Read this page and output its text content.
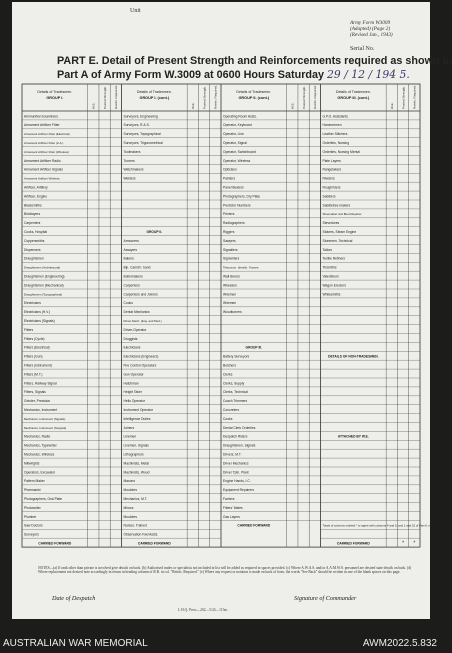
Unit
Army Form W3009
(Adapted) (Page 2)
(Revised Jan., 1943)
Serial No.
PART E. Detail of Present Strength and Reinforcements required as shown in
Part A of Army Form W.3009 at 0600 Hours Saturday 29 / 12 / 194 5.
W.E. Posted Strength. Reinfs. Required.
Details of Tradesmen.
GROUP I.
Ammunition Examiners
Armament Artificer Fitter
Armament Artificer Fitter (Electrical)
Armament Artificer Fitter (A.A.)
Armament Artificer Fitter (Wireless)
Armament Artificer Radio
Armament Artificer Signals
Armament Artificer Wireless
Artificer, Artillery
Artificer, Engine
Blacksmiths
Bricklayers
Carpenters
Cooks, Hospital
Coppersmiths
Dispensers
Draughtsmen
Draughtsmen (Architectural)
Draughtsmen (Engineering)
Draughtsmen (Mechanical)
Draughtsmen (Topographical)
Electricians
Electricians (H.V.)
Electricians (Signals)
Fitters
Fitters (Cycle)
Fitters (Electrical)
Fitters (Gun)
Fitters (Instrument)
Fitters (M.T.)
Fitters, Railway Signal
Fitters, Signals
Grinder, Precision
Mechanics, Instrument
Mechanics, Instrument (Signals)
Mechanics, Instrument (Surgical)
Mechanics, Radio
Mechanics, Typewriter
Mechanics, Wireless
Millwrights
Operators, Excavator
Pattern Maker
Pharmacist
Photographers, Oral Plate
Photowriter
Plumber
Saw Doctors
Surveyors
CARRIED FORWARD
W.E. Posted Strength. Reinfs. Required.
Details of Tradesmen.
GROUP I. (cont.)
Surveyors, Engineering
Surveyors, R.A.S.
Surveyors, Topographical
Surveyors, Trigonometrical
Toolmakers
Turners
Watchmakers
Welders
GROUP II.
Armourers
Assayers
Bakers
Blp. Camd'n. hand
Boilermakers
Carpenters
Carpenters and Joiners
Cooks
Dental Mechanics
Driver-Mech. (Eng. and Mod.)
Driver-Operator
Druggists
Electricians
Electricians (Engineers)
Fire Control Operators
Gun Operator
Hatchman
Height Taker
Hello Operator
Instrument Operator
Intelligence Duties
Joiners
Linemen
Linemen, Signals
Lithographers
Machinists, Metal
Machinists, Wood
Masons
Moulders
Mechanics, M.T.
Minors
Moulders
Nurses, Trained
Observation Fwd Assts.
CARRIED FORWARD
W.E. Posted Strength. Reinfs. Required.
Details of Tradesmen.
GROUP II. (cont.)
Operating Room Assts.
Operator, Keyboard
Operator, Line
Operator, Signal
Operator, Switchboard
Operator, Wireless
Opticians
Painters
Panel Beaters
Photographers, Dry Plate
Predictor Numbers
Printers
Radiographers
Riggers
Sawyers
Signallers
Signwriters
Telecomm. Identifn. Tracers
Wall Borers
Wheelers
Wiremen
Wiremen
Woodturners
GROUP III.
Battery Surveyors
Butchers
Clerks
Clerks, Supply
Clerks, Technical
Coach Trimmers
Concreters
Cooks
Dental Clerk Orderlies
Despatch Riders
Draughtsmen, Signals
Drivers, M.T.
Driver Mechanics
Driver Tptn. Plant
Engine Hands, I.C.
Equipment Repairers
Farriers
Fitters' Mates
Gas Layers
CARRIED FORWARD
W.E. Posted Strength. Reinfs. Required.
Details of Tradesmen.
GROUP III. (cont.)
G.P.O. Assistants
Hammermen
Leather Stitchers
Orderlies, Nursing
Orderlies, Nursing Mental
Plate Layers
Rangetakers
Riveters
Roughriders
Saddlers
Saddletree makers
Shoemaker and Boot Repairer
Stevedores
Stokers, Steam Engine
Storemen, Technical
Tailors
Textile Refiners
Tinsmiths
Valentiners
Wagon Erectors
Whitesmiths
DETAILS OF NON-TRADESMEN.
ATTACHED BY W.E.
Totals of columns marked * to agree with columns 4 and 5, and 1 and 15 of Part A. respectively.
CARRIED FORWARD	* *
NOTES—(a) If rank other than private is involved give details on back. (b) Authorised trades or specialists not included in list will be added as required in spaces provided. (c) Where A.W.A.S. and/or A.A.M.W.S. personnel are desired state details on back. (d) Where replacement not desired note accordingly in return in heading column of R.B. in col. "Reinfs. Required." (e) Where any request or notation is made on back of form, the words "See Back" should be written in one of the blank spaces on this page.
Date of Despatch	Signature of Commander
L.H.Q. Press—202—5/43—113m.
AUSTRALIAN WAR MEMORIAL	AWM2022.5.832
